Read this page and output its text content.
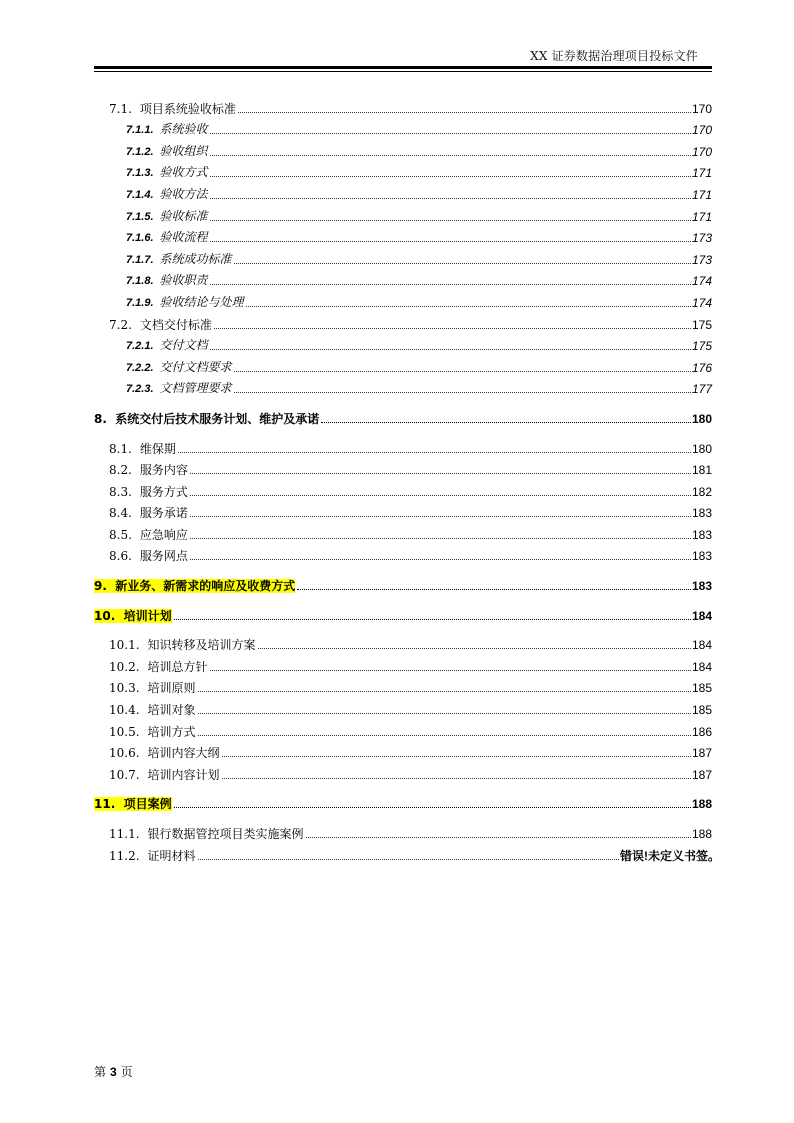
XX 证券数据治理项目投标文件
7.1. 项目系统验收标准	170
7.1.1. 系统验收	170
7.1.2. 验收组织	170
7.1.3. 验收方式	171
7.1.4. 验收方法	171
7.1.5. 验收标准	171
7.1.6. 验收流程	173
7.1.7. 系统成功标准	173
7.1.8. 验收职责	174
7.1.9. 验收结论与处理	174
7.2. 文档交付标准	175
7.2.1. 交付文档	175
7.2.2. 交付文档要求	176
7.2.3. 文档管理要求	177
8. 系统交付后技术服务计划、维护及承诺	180
8.1. 维保期	180
8.2. 服务内容	181
8.3. 服务方式	182
8.4. 服务承诺	183
8.5. 应急响应	183
8.6. 服务网点	183
9. 新业务、新需求的响应及收费方式	183
10. 培训计划	184
10.1. 知识转移及培训方案	184
10.2. 培训总方针	184
10.3. 培训原则	185
10.4. 培训对象	185
10.5. 培训方式	186
10.6. 培训内容大纲	187
10.7. 培训内容计划	187
11. 项目案例	188
11.1. 银行数据管控项目类实施案例	188
11.2. 证明材料	错误!未定义书签。
第 3 页
